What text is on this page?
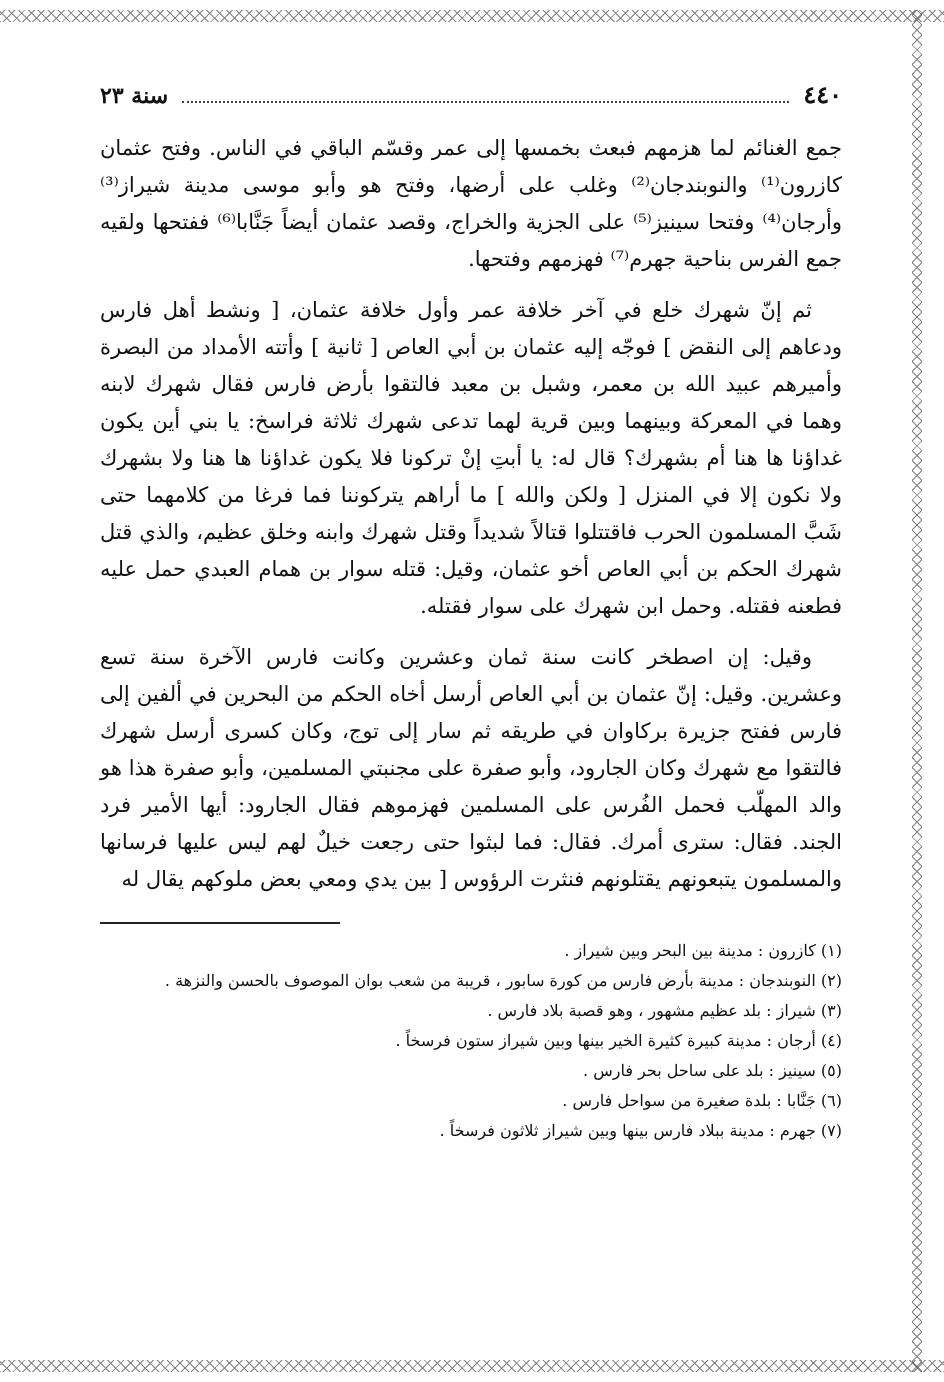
٤٤٠
سنة ٢٣

جمع الغنائم لما هزمهم فبعث بخمسها إلى عمر وقسّم الباقي في الناس. وفتح عثمان كازرون⁽¹⁾ والنوبندجان⁽²⁾ وغلب على أرضها، وفتح هو وأبو موسى مدينة شيراز⁽³⁾ وأرجان⁽⁴⁾ وفتحا سينيز⁽⁵⁾ على الجزية والخراج، وقصد عثمان أيضاً جَنَّابا⁽⁶⁾ ففتحها ولقيه جمع الفرس بناحية جهرم⁽⁷⁾ فهزمهم وفتحها.

ثم إنّ شهرك خلع في آخر خلافة عمر وأول خلافة عثمان، [ ونشط أهل فارس ودعاهم إلى النقض ] فوجّه إليه عثمان بن أبي العاص [ ثانية ] وأتته الأمداد من البصرة وأميرهم عبيد الله بن معمر، وشبل بن معبد فالتقوا بأرض فارس فقال شهرك لابنه وهما في المعركة وبينهما وبين قرية لهما تدعى شهرك ثلاثة فراسخ: يا بني أين يكون غداؤنا ها هنا أم بشهرك؟ قال له: يا أبتِ إنْ تركونا فلا يكون غداؤنا ها هنا ولا بشهرك ولا نكون إلا في المنزل [ ولكن والله ] ما أراهم يتركوننا فما فرغا من كلامهما حتى شَبَّ المسلمون الحرب فاقتتلوا قتالاً شديداً وقتل شهرك وابنه وخلق عظيم، والذي قتل شهرك الحكم بن أبي العاص أخو عثمان، وقيل: قتله سوار بن همام العبدي حمل عليه فطعنه فقتله. وحمل ابن شهرك على سوار فقتله.

وقيل: إن اصطخر كانت سنة ثمان وعشرين وكانت فارس الآخرة سنة تسع وعشرين. وقيل: إنّ عثمان بن أبي العاص أرسل أخاه الحكم من البحرين في ألفين إلى فارس ففتح جزيرة بركاوان في طريقه ثم سار إلى توج، وكان كسرى أرسل شهرك فالتقوا مع شهرك وكان الجارود، وأبو صفرة على مجنبتي المسلمين، وأبو صفرة هذا هو والد المهلّب فحمل الفُرس على المسلمين فهزموهم فقال الجارود: أيها الأمير فرد الجند. فقال: سترى أمرك. فقال: فما لبثوا حتى رجعت خيلٌ لهم ليس عليها فرسانها والمسلمون يتبعونهم يقتلونهم فنثرت الرؤوس [ بين يدي ومعي بعض ملوكهم يقال له

(١) كازرون : مدينة بين البحر وبين شيراز .

(٢) النوبندجان : مدينة بأرض فارس من كورة سابور ، قريبة من شعب بوان الموصوف بالحسن والنزهة .

(٣) شيراز : بلد عظيم مشهور ، وهو قصبة بلاد فارس .

(٤) أرجان : مدينة كبيرة كثيرة الخير بينها وبين شيراز ستون فرسخاً .

(٥) سينيز : بلد على ساحل بحر فارس .

(٦) جَنَّابا : بلدة صغيرة من سواحل فارس .

(٧) جهرم : مدينة ببلاد فارس بينها وبين شيراز ثلاثون فرسخاً .
